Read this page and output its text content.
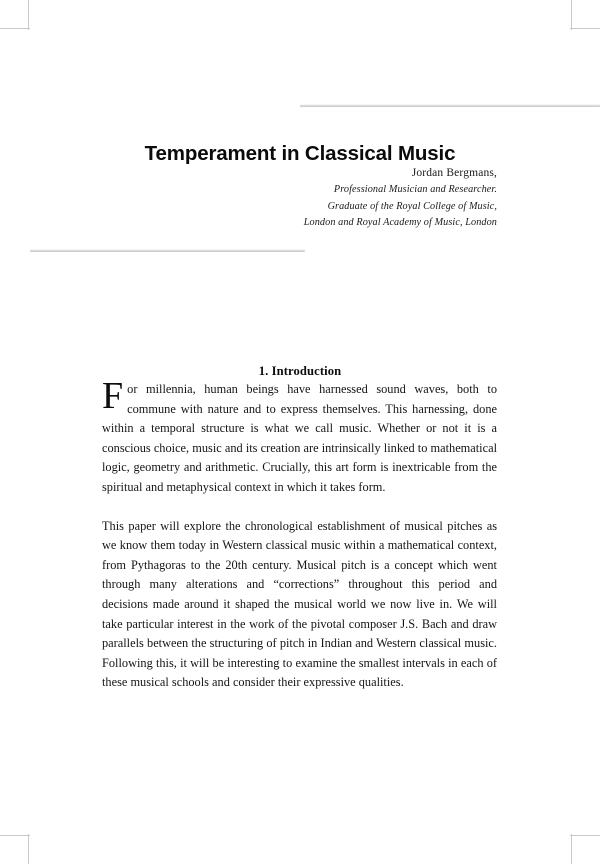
Temperament in Classical Music
Jordan Bergmans,
Professional Musician and Researcher.
Graduate of the Royal College of Music,
London and Royal Academy of Music, London
1. Introduction

For millennia, human beings have harnessed sound waves, both to commune with nature and to express themselves. This harnessing, done within a temporal structure is what we call music. Whether or not it is a conscious choice, music and its creation are intrinsically linked to mathematical logic, geometry and arithmetic. Crucially, this art form is inextricable from the spiritual and metaphysical context in which it takes form.

This paper will explore the chronological establishment of musical pitches as we know them today in Western classical music within a mathematical context, from Pythagoras to the 20th century. Musical pitch is a concept which went through many alterations and “corrections” throughout this period and decisions made around it shaped the musical world we now live in. We will take particular interest in the work of the pivotal composer J.S. Bach and draw parallels between the structuring of pitch in Indian and Western classical music. Following this, it will be interesting to examine the smallest intervals in each of these musical schools and consider their expressive qualities.
